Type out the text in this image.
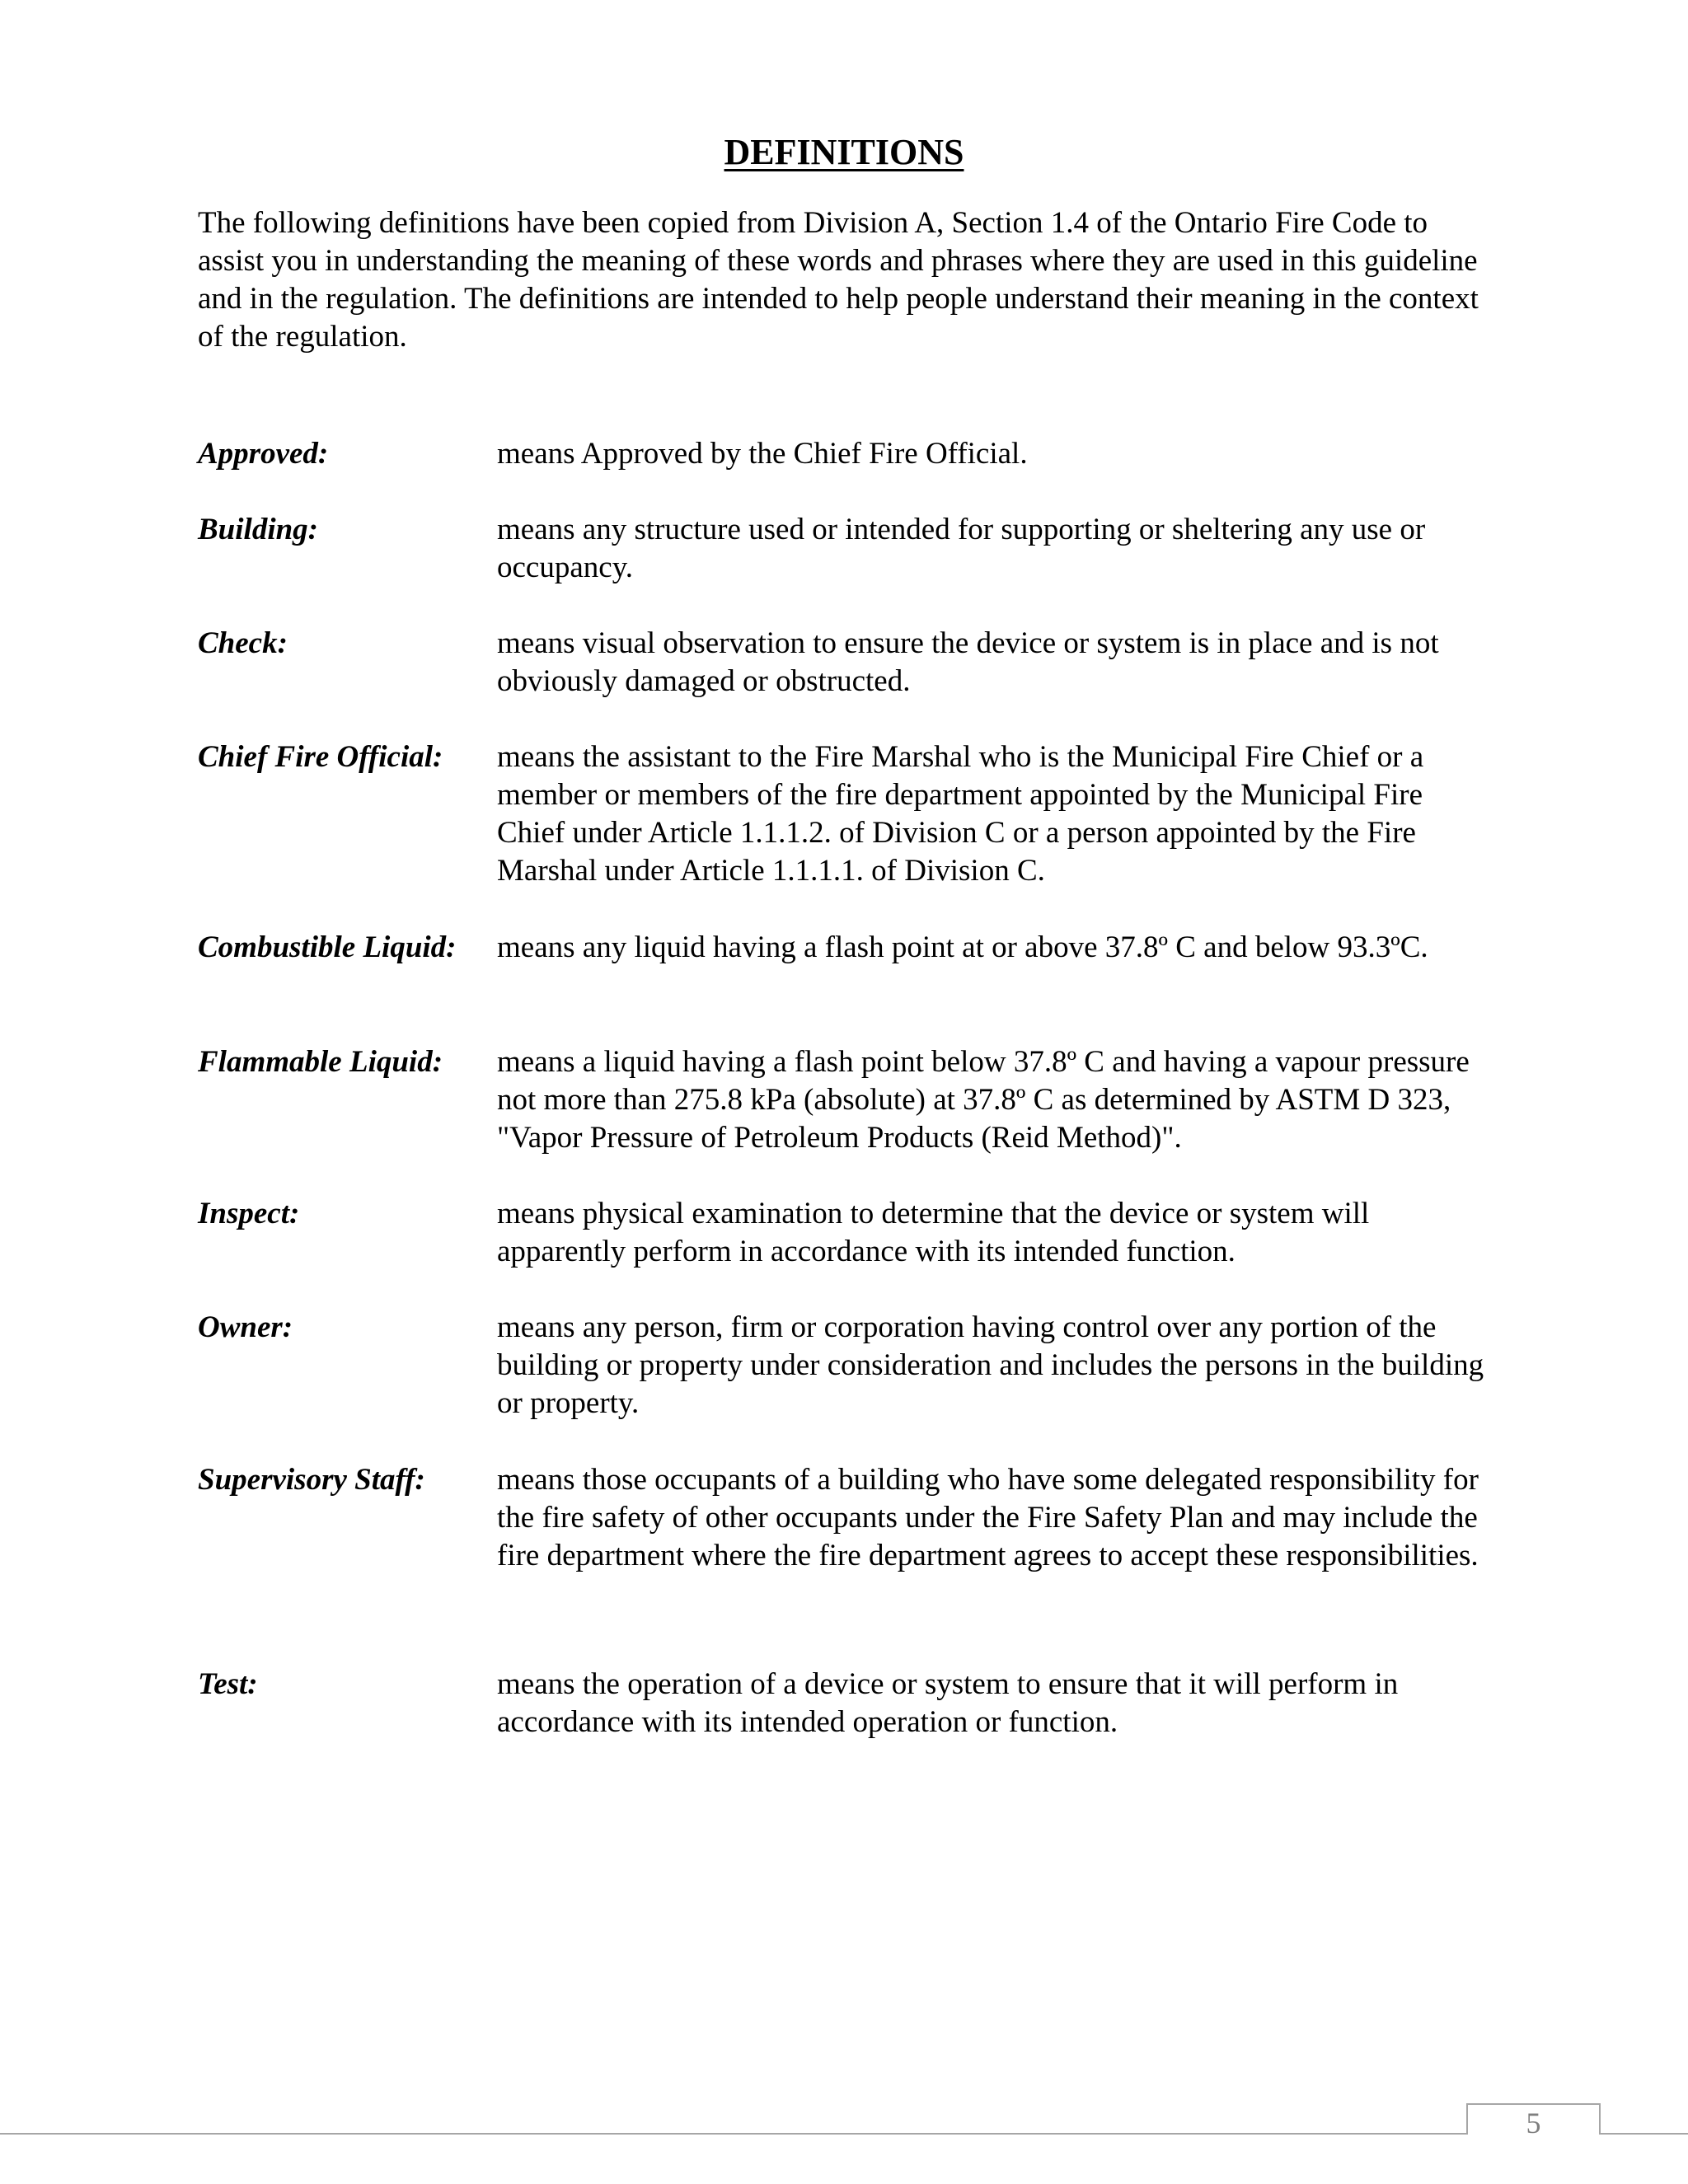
DEFINITIONS
The following definitions have been copied from Division A, Section 1.4 of the Ontario Fire Code to assist you in understanding the meaning of these words and phrases where they are used in this guideline and in the regulation. The definitions are intended to help people understand their meaning in the context of the regulation.
Approved:	means Approved by the Chief Fire Official.
Building:	means any structure used or intended for supporting or sheltering any use or occupancy.
Check:	means visual observation to ensure the device or system is in place and is not obviously damaged or obstructed.
Chief Fire Official: means the assistant to the Fire Marshal who is the Municipal Fire Chief or a member or members of the fire department appointed by the Municipal Fire Chief under Article 1.1.1.2. of Division C or a person appointed by the Fire Marshal under Article 1.1.1.1. of Division C.
Combustible Liquid: means any liquid having a flash point at or above 37.8º C and below 93.3ºC.
Flammable Liquid: means a liquid having a flash point below 37.8º C and having a vapour pressure not more than 275.8 kPa (absolute) at 37.8º C as determined by ASTM D 323, "Vapor Pressure of Petroleum Products (Reid Method)".
Inspect:	means physical examination to determine that the device or system will apparently perform in accordance with its intended function.
Owner:	means any person, firm or corporation having control over any portion of the building or property under consideration and includes the persons in the building or property.
Supervisory Staff: means those occupants of a building who have some delegated responsibility for the fire safety of other occupants under the Fire Safety Plan and may include the fire department where the fire department agrees to accept these responsibilities.
Test:	means the operation of a device or system to ensure that it will perform in accordance with its intended operation or function.
5
